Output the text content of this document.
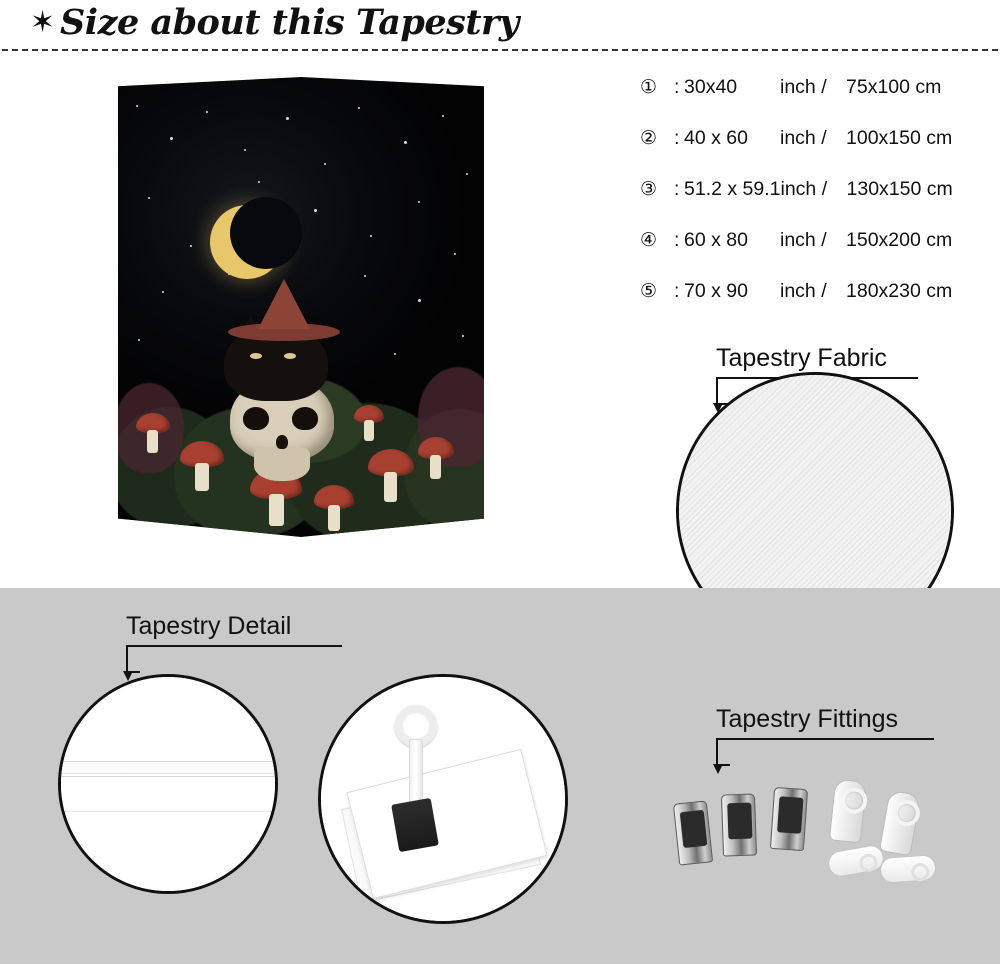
✶ Size about this Tapestry
① : 30x40	inch / 75x100 cm
② : 40 x 60	inch / 100x150 cm
③ : 51.2 x 59.1 inch / 130x150 cm
④ : 60 x 80	inch / 150x200 cm
⑤ : 70 x 90	inch / 180x230 cm
Tapestry Fabric
Tapestry Detail
Tapestry Fittings
